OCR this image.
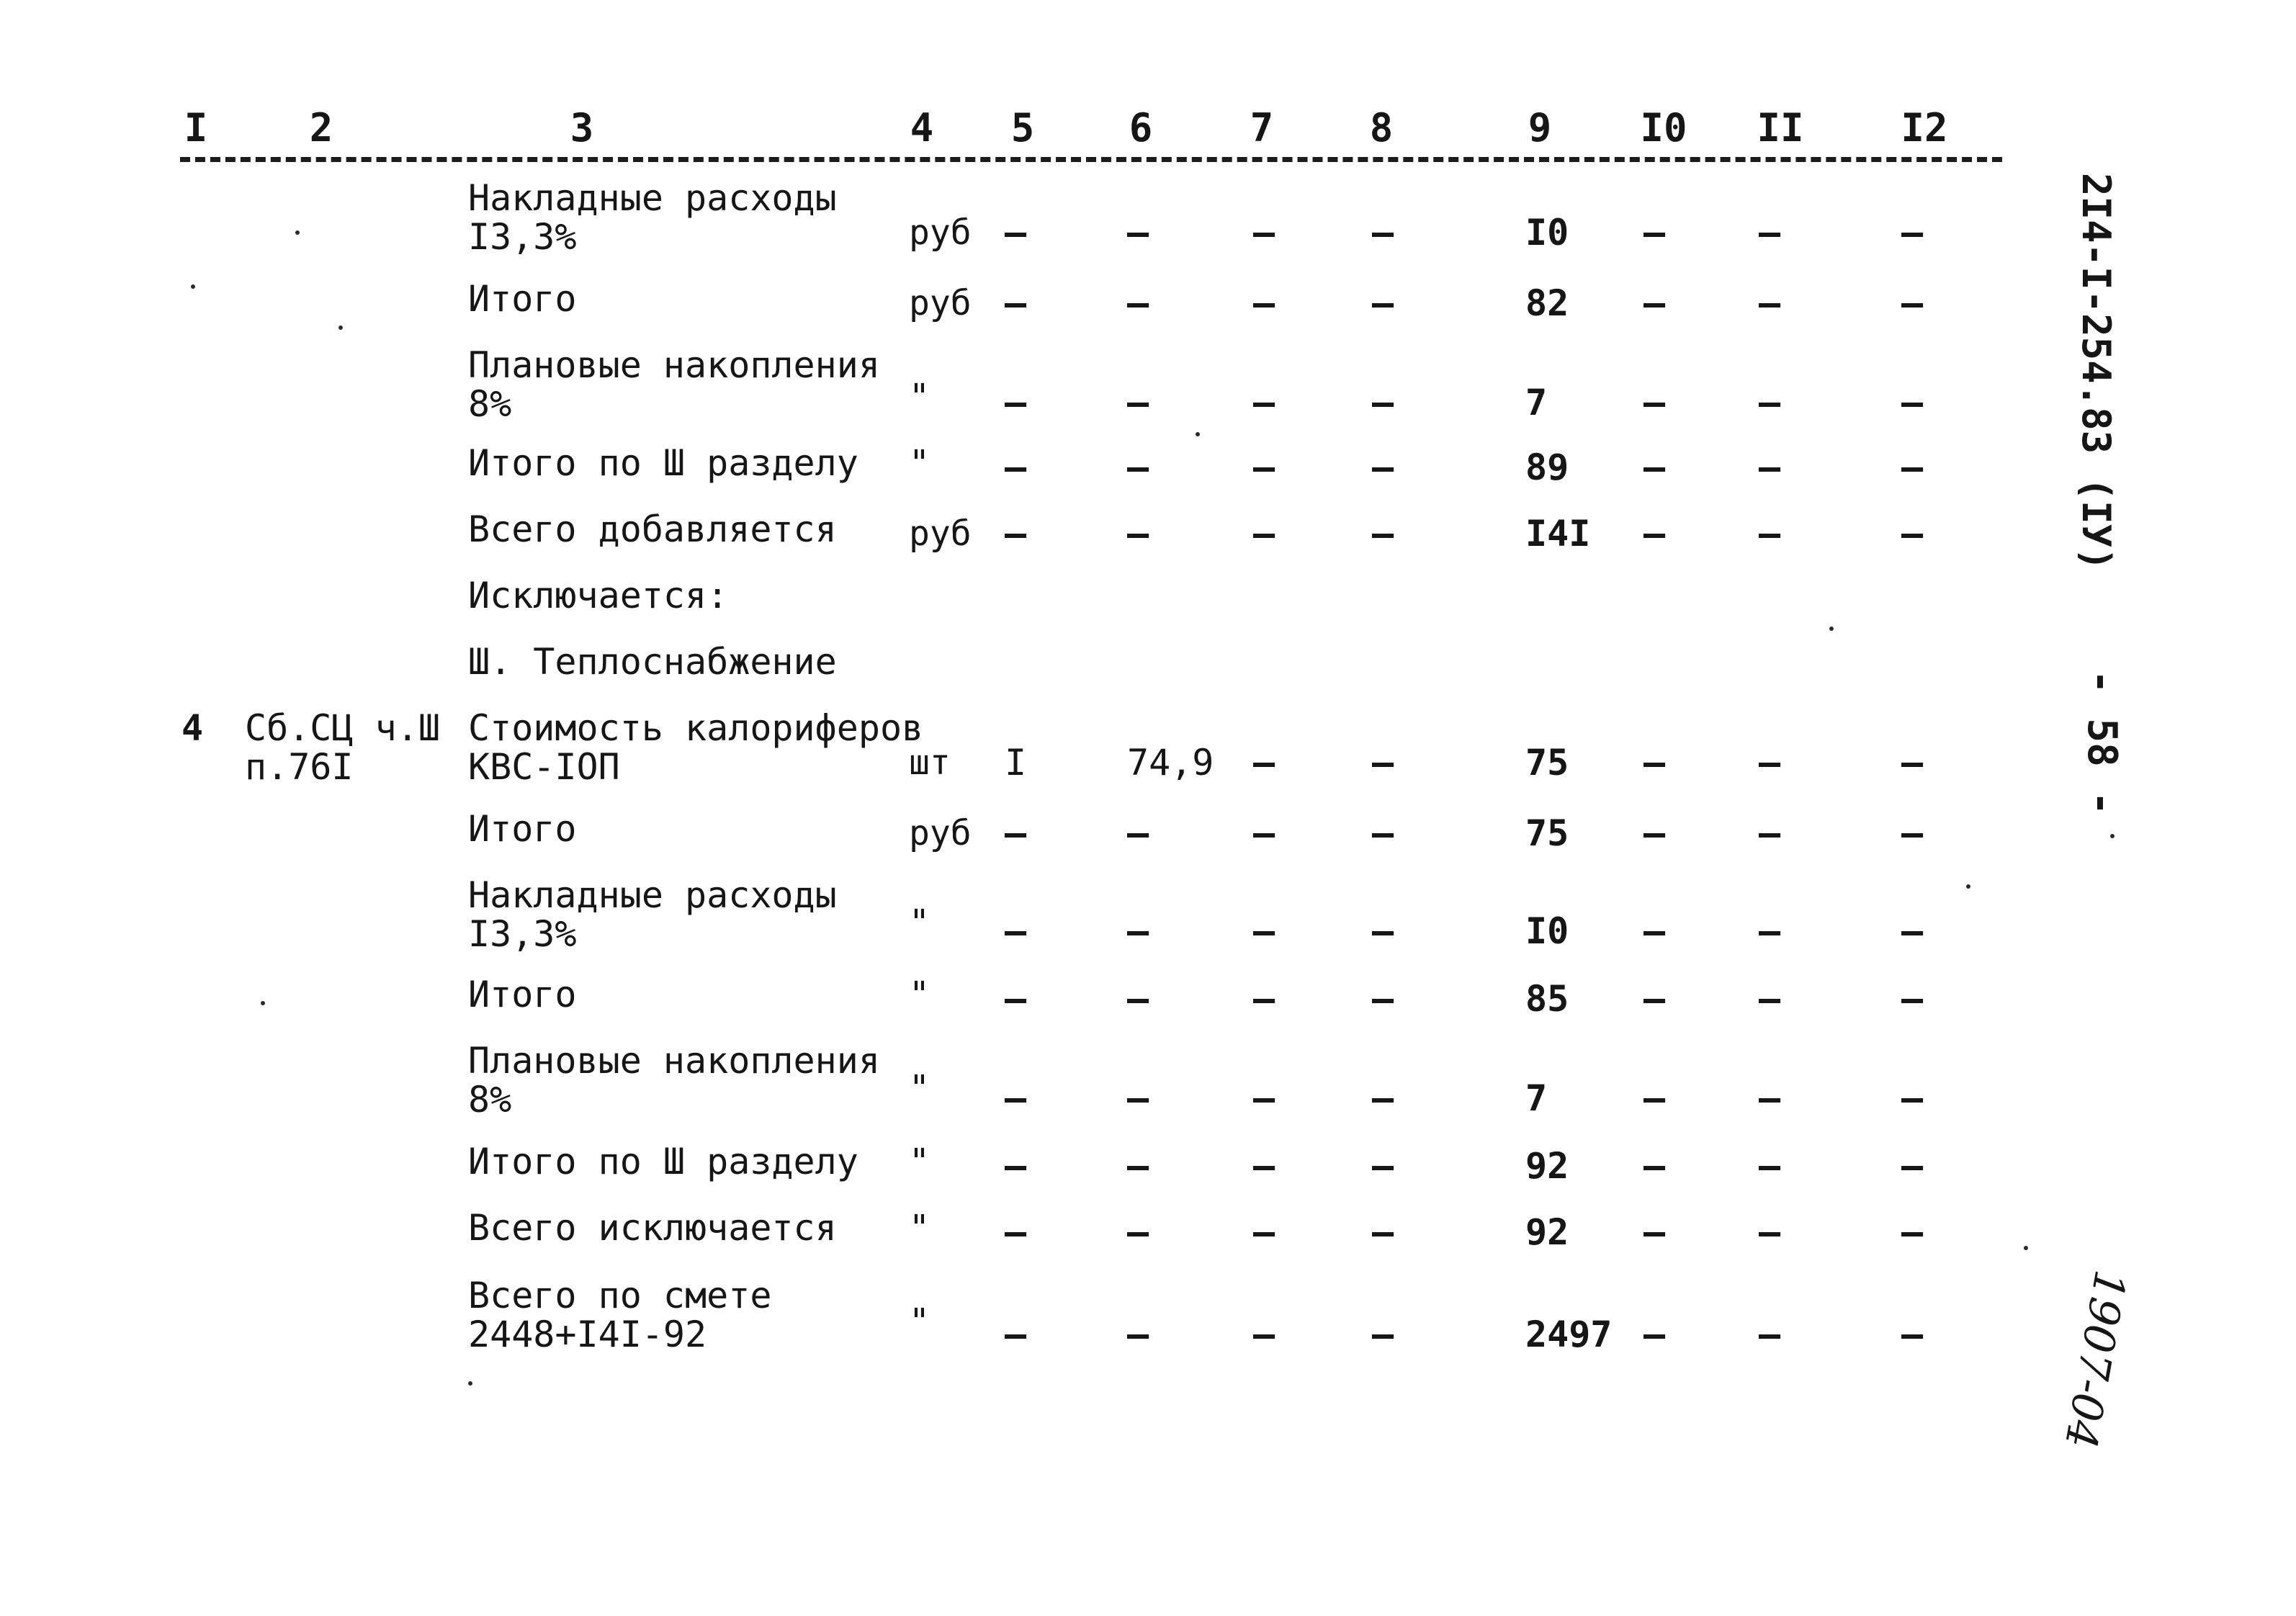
I	2	3	4 5 6	7 8	9 I0 II I2
Накладные расходы
I3,3%	руб –	–	–	–	I0 –	–	–
Итого	руб –	–	–	–	82 –	–	–
Плановые накопления
8%	" –	–	–	–	7	–	–	–
Итого по Ш разделу	" –	–	–	–	89 –	–	–
Всего добавляется	руб –	–	–	–	I4I –	–	–
Исключается:
Ш. Теплоснабжение
4 Сб.СЦ ч.Ш
п.76I
Стоимость калориферов
КВС-IОП	шт I	74,9 –	–	75 –	–	–
Итого	руб –	–	–	–	75 –	–	–
Накладные расходы
I3,3%	" –	–	–	–	I0 –	–	–
Итого	" –	–	–	–	85 –	–	–
Плановые накопления
8%	" –	–	–	–	7	–	–	–
Итого по Ш разделу	" –	–	–	–	92 –	–	–
Всего исключается	" –	–	–	–	92 –	–	–
Всего по смете
2448+I4I-92	" –	–	–	–	2497 –	–	–
2I4-I-254.83 (IУ)
- 58 -
1907-04
